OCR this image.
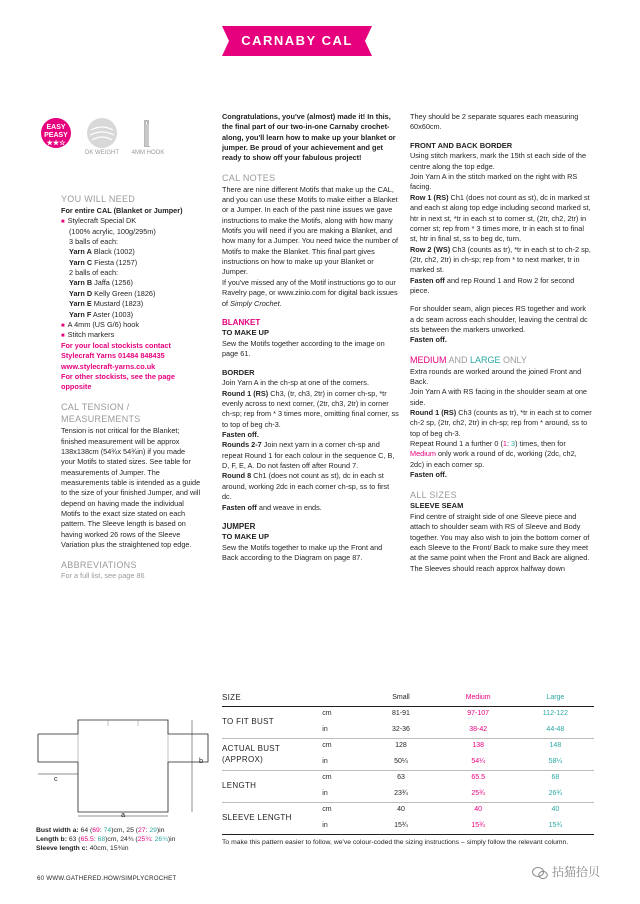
CARNABY CAL
EASY PEASY
★★☆
DK WEIGHT	4MM HOOK

YOU WILL NEED

For entire CAL (Blanket or Jumper)

■ Stylecraft Special DK

(100% acrylic, 100g/295m)

3 balls of each:

Yarn A Black (1002)

Yarn C Fiesta (1257)

2 balls of each:

Yarn B Jaffa (1256)

Yarn D Kelly Green (1826)

Yarn E Mustard (1823)

Yarn F Aster (1003)

■ A 4mm (US G/6) hook

■ Stitch markers

For your local stockists contact Stylecraft Yarns 01484 848435

www.stylecraft-yarns.co.uk

For other stockists, see the page opposite

CAL TENSION / MEASUREMENTS

Tension is not critical for the Blanket; finished measurement will be approx 138x138cm (54¾x 54¾in) if you made your Motifs to stated sizes. See table for measurements of Jumper. The measurements table is intended as a guide to the size of your finished Jumper, and will depend on having made the individual Motifs to the exact size stated on each pattern. The Sleeve length is based on having worked 26 rows of the Sleeve Variation plus the straightened top edge.

ABBREVIATIONS

For a full list, see page 86

Congratulations, you've (almost) made it! In this, the final part of our two-in-one Carnaby crochet-along, you'll learn how to make up your blanket or jumper. Be proud of your achievement and get ready to show off your fabulous project!

CAL NOTES

There are nine different Motifs that make up the CAL, and you can use these Motifs to make either a Blanket or a Jumper. In each of the past nine issues we gave instructions to make the Motifs, along with how many Motifs you will need if you are making a Blanket, and how many for a Jumper. You need twice the number of Motifs to make the Blanket. This final part gives instructions on how to make up your Blanket or Jumper.

If you've missed any of the Motif instructions go to our Ravelry page, or www.zinio.com for digital back issues of Simply Crochet.

BLANKET

TO MAKE UP

Sew the Motifs together according to the image on page 61.

BORDER

Join Yarn A in the ch-sp at one of the corners.

Round 1 (RS) Ch3, (tr, ch3, 2tr) in corner ch-sp, *tr evenly across to next corner, (2tr, ch3, 2tr) in corner ch-sp; rep from * 3 times more, omitting final corner, ss to top of beg ch-3.

Fasten off.

Rounds 2-7 Join next yarn in a corner ch-sp and repeat Round 1 for each colour in the sequence C, B, D, F, E, A. Do not fasten off after Round 7.

Round 8 Ch1 (does not count as st), dc in each st around, working 2dc in each corner ch-sp, ss to first dc.

Fasten off and weave in ends.

JUMPER

TO MAKE UP

Sew the Motifs together to make up the Front and Back according to the Diagram on page 87.

They should be 2 separate squares each measuring 60x60cm.

FRONT AND BACK BORDER

Using stitch markers, mark the 15th st each side of the centre along the top edge.

Join Yarn A in the stitch marked on the right with RS facing.

Row 1 (RS) Ch1 (does not count as st), dc in marked st and each st along top edge including second marked st, htr in next st, *tr in each st to corner st, (2tr, ch2, 2tr) in corner st; rep from * 3 times more, tr in each st to final st, htr in final st, ss to beg dc, turn.

Row 2 (WS) Ch3 (counts as tr), *tr in each st to ch-2 sp, (2tr, ch2, 2tr) in ch-sp; rep from * to next marker, tr in marked st.

Fasten off and rep Round 1 and Row 2 for second piece.

For shoulder seam, align pieces RS together and work a dc seam across each shoulder, leaving the central dc sts between the markers unworked.

Fasten off.

MEDIUM AND LARGE ONLY

Extra rounds are worked around the joined Front and Back.

Join Yarn A with RS facing in the shoulder seam at one side.

Round 1 (RS) Ch3 (counts as tr), *tr in each st to corner ch-2 sp, (2tr, ch2, 2tr) in ch-sp; rep from * around, ss to top of beg ch-3.

Repeat Round 1 a further 0 (1: 3) times, then for Medium only work a round of dc, working (2dc, ch2, 2dc) in each corner sp.

Fasten off.

ALL SIZES

SLEEVE SEAM

Find centre of straight side of one Sleeve piece and attach to shoulder seam with RS of Sleeve and Body together. You may also wish to join the bottom corner of each Sleeve to the Front/ Back to make sure they meet at the same point when the Front and Back are aligned. The Sleeves should reach approx halfway down

c
a
b

Bust width a: 64 (69: 74)cm, 25 (27: 29)in

Length b: 63 (65.5: 68)cm, 24¾ (25¾: 26¾)in

Sleeve length c: 40cm, 15¾in

SIZE		Small	Medium	Large
TO FIT BUST	cm	81-91	97-107	112-122
	in	32-36	38-42	44-48
ACTUAL BUST (APPROX)	cm	128	138	148
	in	50¼	54¼	58¼
LENGTH	cm	63	65.5	68
	in	23¾	25¾	26¾
SLEEVE LENGTH	cm	40	40	40
	in	15¾	15¾	15¾

To make this pattern easier to follow, we've colour-coded the sizing instructions – simply follow the relevant column.

60 WWW.GATHERED.HOW/SIMPLYCROCHET	拈猫拾贝
